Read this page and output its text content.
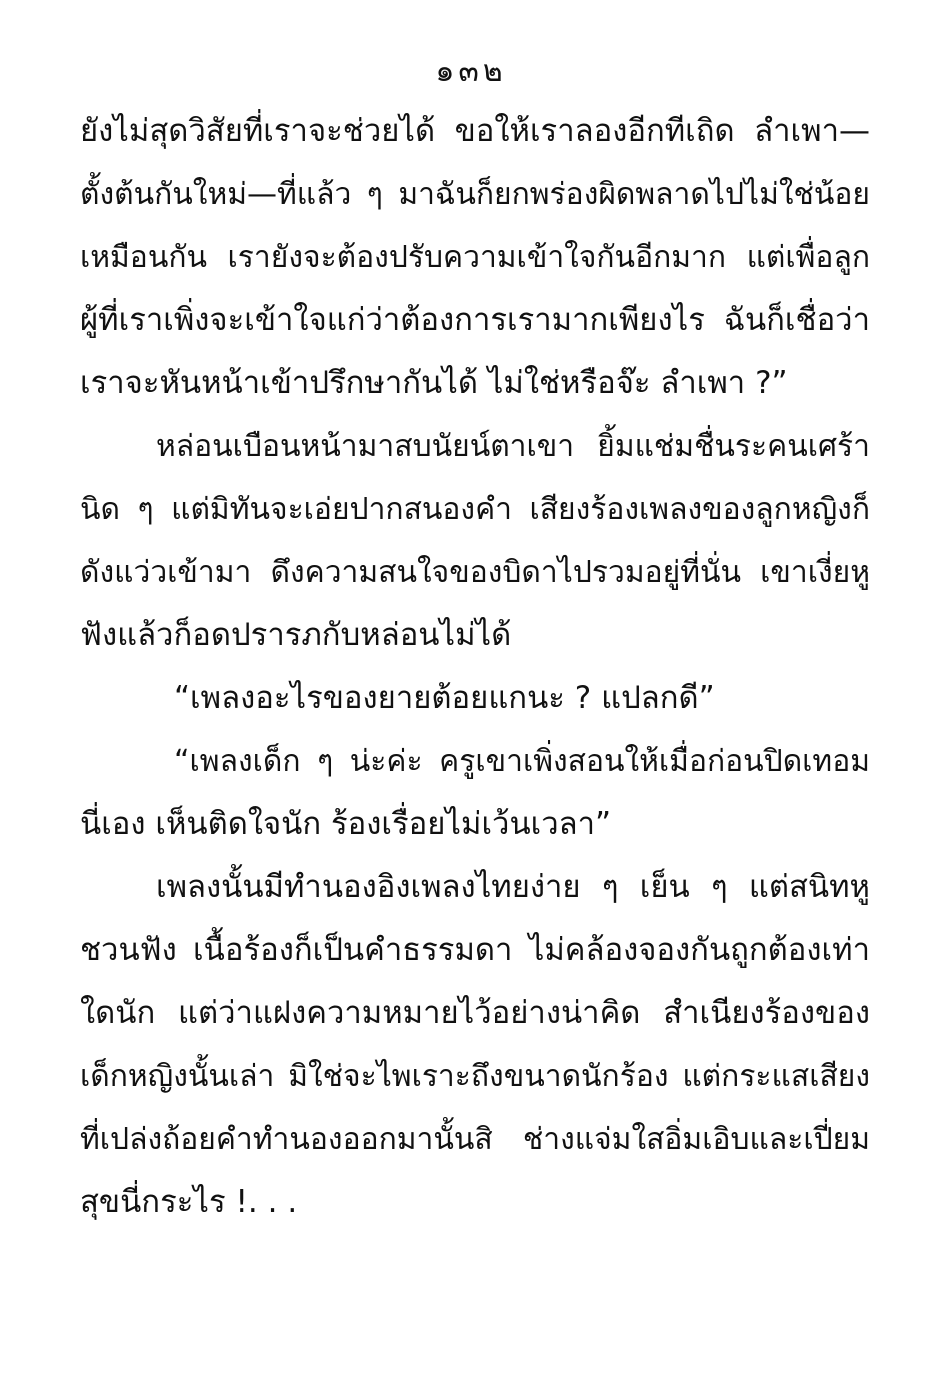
๑๓๒
ยังไม่สุดวิสัยที่เราจะช่วยได้ ขอให้เราลองอีกทีเถิด ลำเพา—
ตั้งต้นกันใหม่—ที่แล้ว ๆ มาฉันก็ยกพร่องผิดพลาดไปไม่ใช่น้อย
เหมือนกัน เรายังจะต้องปรับความเข้าใจกันอีกมาก แต่เพื่อลูก
ผู้ที่เราเพิ่งจะเข้าใจแก่ว่าต้องการเรามากเพียงไร ฉันก็เชื่อว่า
เราจะหันหน้าเข้าปรึกษากันได้ ไม่ใช่หรือจ๊ะ ลำเพา ?”
หล่อนเบือนหน้ามาสบนัยน์ตาเขา ยิ้มแช่มชื่นระคนเศร้า
นิด ๆ แต่มิทันจะเอ่ยปากสนองคำ เสียงร้องเพลงของลูกหญิงก็
ดังแว่วเข้ามา ดึงความสนใจของบิดาไปรวมอยู่ที่นั่น เขาเงี่ยหู
ฟังแล้วก็อดปรารภกับหล่อนไม่ได้
“เพลงอะไรของยายต้อยแกนะ ? แปลกดี”
“เพลงเด็ก ๆ น่ะค่ะ ครูเขาเพิ่งสอนให้เมื่อก่อนปิดเทอม
นี่เอง เห็นติดใจนัก ร้องเรื่อยไม่เว้นเวลา”
เพลงนั้นมีทำนองอิงเพลงไทยง่าย ๆ เย็น ๆ แต่สนิทหู
ชวนฟัง เนื้อร้องก็เป็นคำธรรมดา ไม่คล้องจองกันถูกต้องเท่า
ใดนัก แต่ว่าแฝงความหมายไว้อย่างน่าคิด สำเนียงร้องของ
เด็กหญิงนั้นเล่า มิใช่จะไพเราะถึงขนาดนักร้อง แต่กระแสเสียง
ที่เปล่งถ้อยคำทำนองออกมานั้นสิ ช่างแจ่มใสอิ่มเอิบและเปี่ยม
สุขนี่กระไร !. . .
